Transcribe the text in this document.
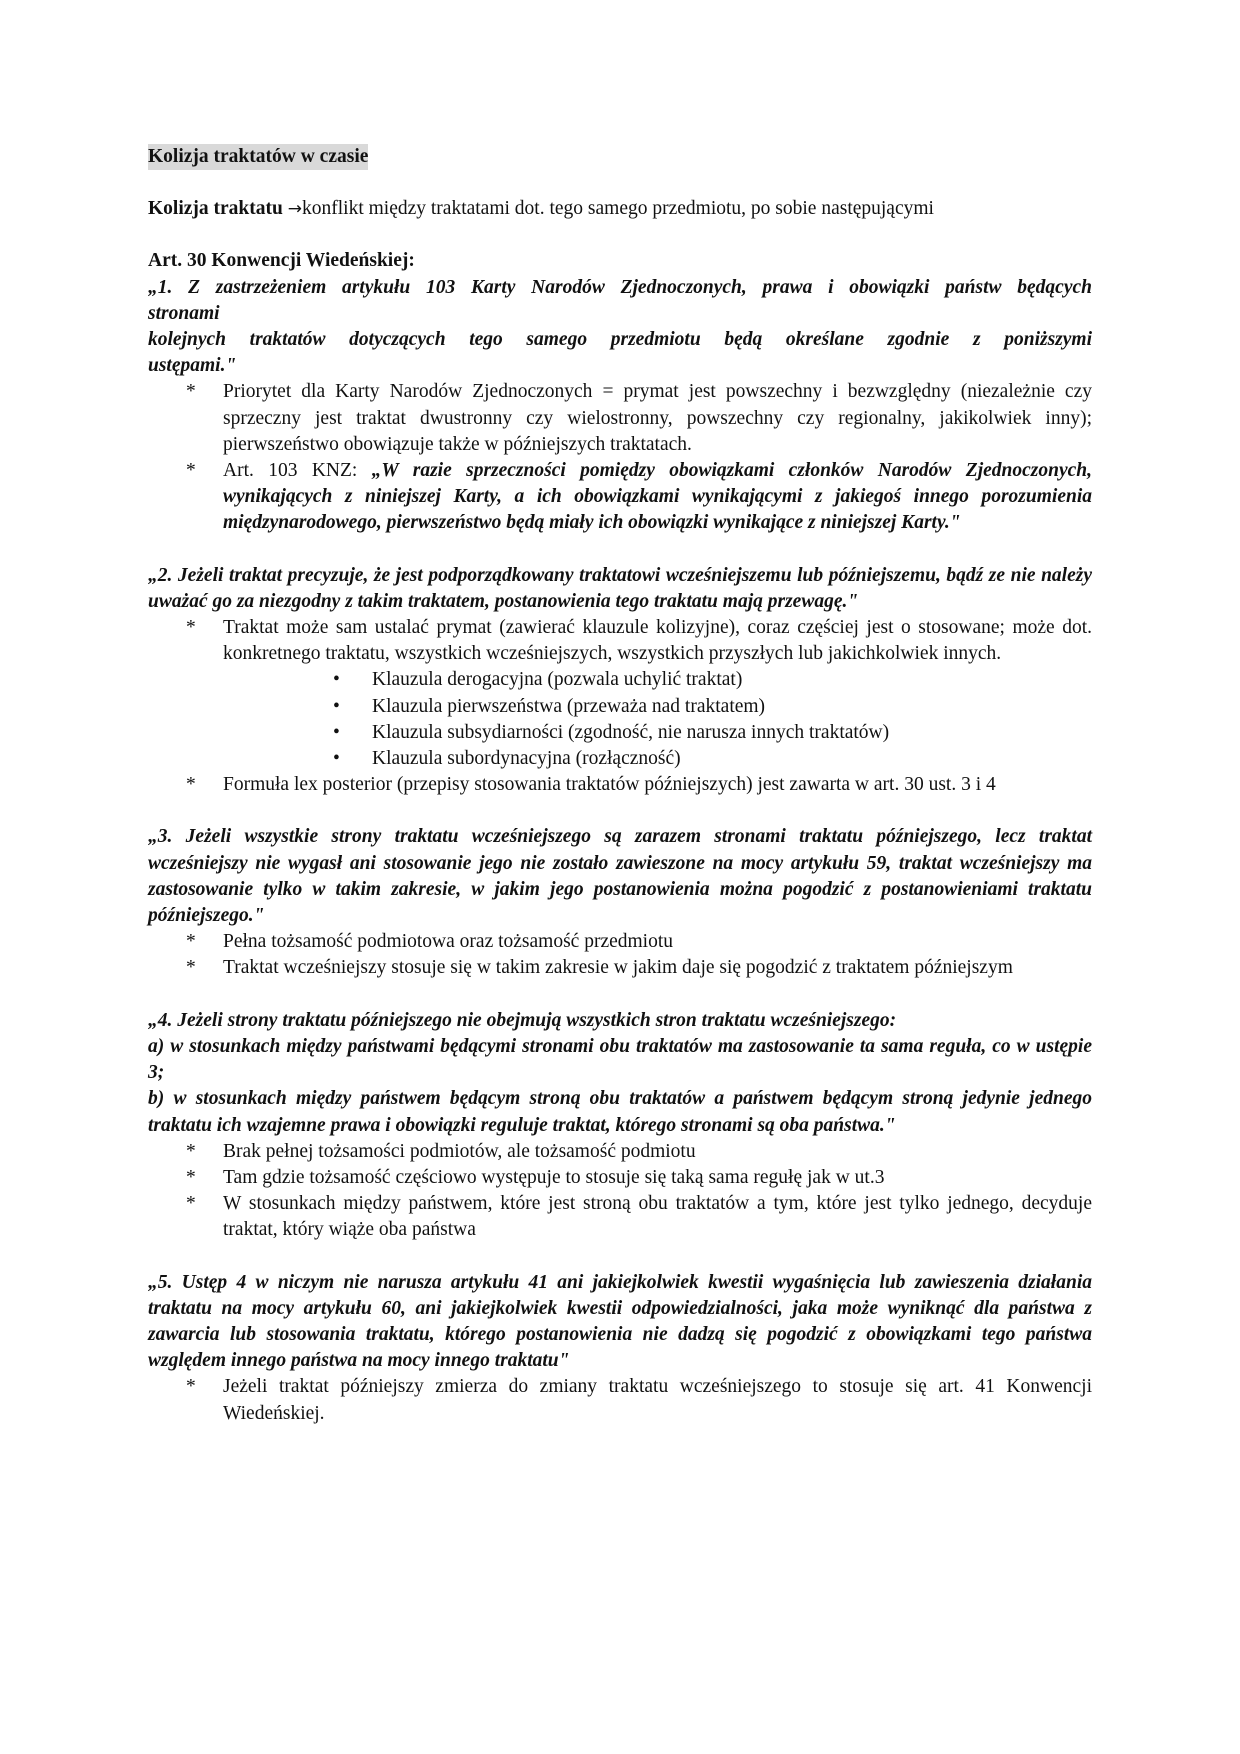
Kolizja traktatów w czasie

Kolizja traktatu →konflikt między traktatami dot. tego samego przedmiotu, po sobie następującymi

Art. 30 Konwencji Wiedeńskiej:

„1. Z zastrzeżeniem artykułu 103 Karty Narodów Zjednoczonych, prawa i obowiązki państw będących

stronami

kolejnych traktatów dotyczących tego samego przedmiotu będą określane zgodnie z poniższymi

ustępami."

* Priorytet dla Karty Narodów Zjednoczonych = prymat jest powszechny i bezwzględny (niezależnie czy sprzeczny jest traktat dwustronny czy wielostronny, powszechny czy regionalny, jakikolwiek inny); pierwszeństwo obowiązuje także w późniejszych traktatach.
* Art. 103 KNZ: „W razie sprzeczności pomiędzy obowiązkami członków Narodów Zjednoczonych, wynikających z niniejszej Karty, a ich obowiązkami wynikającymi z jakiegoś innego porozumienia międzynarodowego, pierwszeństwo będą miały ich obowiązki wynikające z niniejszej Karty."

„2. Jeżeli traktat precyzuje, że jest podporządkowany traktatowi wcześniejszemu lub późniejszemu, bądź ze nie należy uważać go za niezgodny z takim traktatem, postanowienia tego traktatu mają przewagę."

* Traktat może sam ustalać prymat (zawierać klauzule kolizyjne), coraz częściej jest o stosowane; może dot. konkretnego traktatu, wszystkich wcześniejszych, wszystkich przyszłych lub jakichkolwiek innych.
• Klauzula derogacyjna (pozwala uchylić traktat)
• Klauzula pierwszeństwa (przeważa nad traktatem)
• Klauzula subsydiarności (zgodność, nie narusza innych traktatów)
• Klauzula subordynacyjna (rozłączność)
* Formuła lex posterior (przepisy stosowania traktatów późniejszych) jest zawarta w art. 30 ust. 3 i 4

„3. Jeżeli wszystkie strony traktatu wcześniejszego są zarazem stronami traktatu późniejszego, lecz traktat wcześniejszy nie wygasł ani stosowanie jego nie zostało zawieszone na mocy artykułu 59, traktat wcześniejszy ma zastosowanie tylko w takim zakresie, w jakim jego postanowienia można pogodzić z postanowieniami traktatu późniejszego."

* Pełna tożsamość podmiotowa oraz tożsamość przedmiotu
* Traktat wcześniejszy stosuje się w takim zakresie w jakim daje się pogodzić z traktatem późniejszym

„4. Jeżeli strony traktatu późniejszego nie obejmują wszystkich stron traktatu wcześniejszego:

a) w stosunkach między państwami będącymi stronami obu traktatów ma zastosowanie ta sama reguła, co w ustępie 3;

b) w stosunkach między państwem będącym stroną obu traktatów a państwem będącym stroną jedynie jednego traktatu ich wzajemne prawa i obowiązki reguluje traktat, którego stronami są oba państwa."

* Brak pełnej tożsamości podmiotów, ale tożsamość podmiotu
* Tam gdzie tożsamość częściowo występuje to stosuje się taką sama regułę jak w ut.3
* W stosunkach między państwem, które jest stroną obu traktatów a tym, które jest tylko jednego, decyduje traktat, który wiąże oba państwa

„5. Ustęp 4 w niczym nie narusza artykułu 41 ani jakiejkolwiek kwestii wygaśnięcia lub zawieszenia działania traktatu na mocy artykułu 60, ani jakiejkolwiek kwestii odpowiedzialności, jaka może wyniknąć dla państwa z zawarcia lub stosowania traktatu, którego postanowienia nie dadzą się pogodzić z obowiązkami tego państwa względem innego państwa na mocy innego traktatu"

* Jeżeli traktat późniejszy zmierza do zmiany traktatu wcześniejszego to stosuje się art. 41 Konwencji Wiedeńskiej.
